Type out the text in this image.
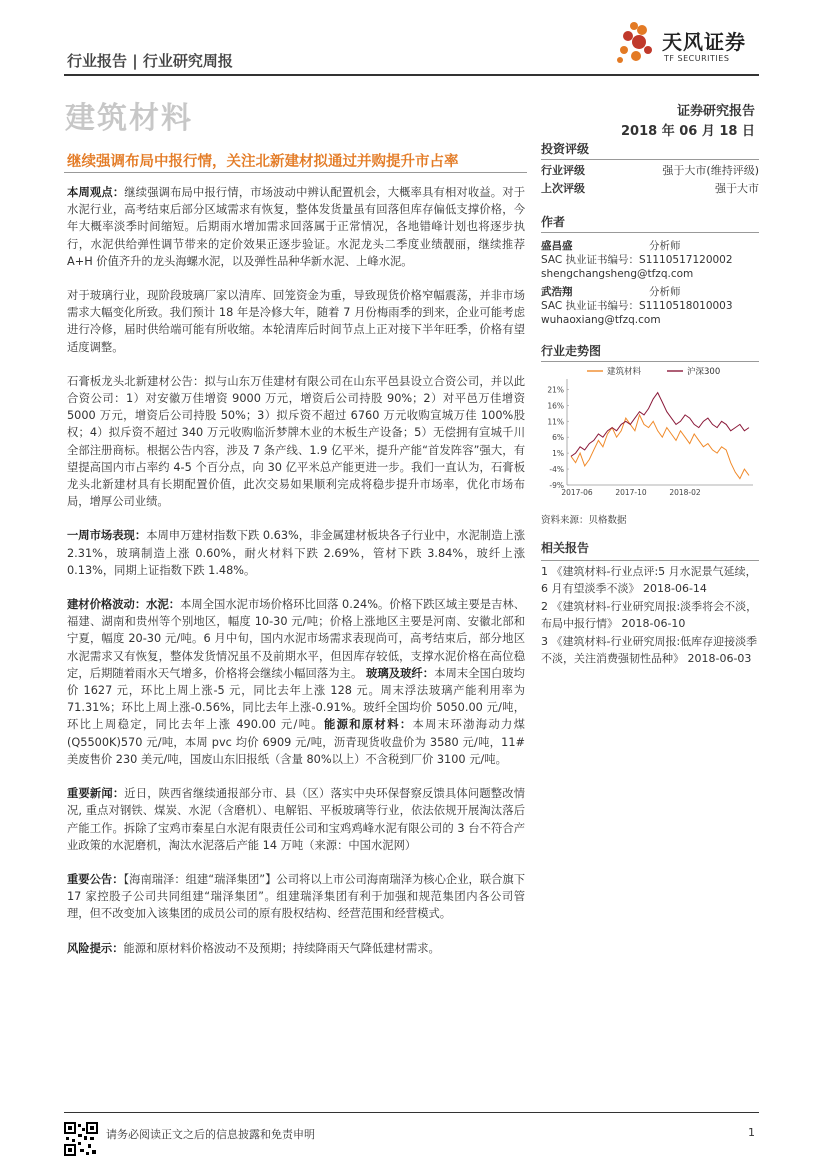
天风证券
TF SECURITIES
行业报告 | 行业研究周报
建筑材料	证券研究报告
2018 年 06 月 18 日
继续强调布局中报行情，关注北新建材拟通过并购提升市占率

本周观点：继续强调布局中报行情，市场波动中辨认配置机会，大概率具有相对收益。对于水泥行业，高考结束后部分区域需求有恢复，整体发货量虽有回落但库存偏低支撑价格，今年大概率淡季时间缩短。后期雨水增加需求回落属于正常情况，各地错峰计划也将逐步执行，水泥供给弹性调节带来的定价效果正逐步验证。水泥龙头二季度业绩靓丽，继续推荐 A+H 价值齐升的龙头海螺水泥，以及弹性品种华新水泥、上峰水泥。

对于玻璃行业，现阶段玻璃厂家以清库、回笼资金为重，导致现货价格窄幅震荡，并非市场需求大幅变化所致。我们预计 18 年是冷修大年，随着 7 月份梅雨季的到来，企业可能考虑进行冷修，届时供给端可能有所收缩。本轮清库后时间节点上正对接下半年旺季，价格有望适度调整。

石膏板龙头北新建材公告：拟与山东万佳建材有限公司在山东平邑县设立合资公司，并以此合资公司：1）对安徽万佳增资 9000 万元，增资后公司持股 90%；2）对平邑万佳增资 5000 万元，增资后公司持股 50%；3）拟斥资不超过 6760 万元收购宣城万佳 100%股权；4）拟斥资不超过 340 万元收购临沂梦牌木业的木板生产设备；5）无偿拥有宣城千川全部注册商标。根据公告内容，涉及 7 条产线、1.9 亿平米，提升产能“首发阵容”强大，有望提高国内市占率约 4-5 个百分点，向 30 亿平米总产能更进一步。我们一直认为，石膏板龙头北新建材具有长期配置价值，此次交易如果顺利完成将稳步提升市场率，优化市场布局，增厚公司业绩。

一周市场表现：本周申万建材指数下跌 0.63%，非金属建材板块各子行业中，水泥制造上涨 2.31%，玻璃制造上涨 0.60%，耐火材料下跌 2.69%，管材下跌 3.84%，玻纤上涨 0.13%，同期上证指数下跌 1.48%。

建材价格波动：水泥：本周全国水泥市场价格环比回落 0.24%。价格下跌区域主要是吉林、福建、湖南和贵州等个别地区，幅度 10-30 元/吨；价格上涨地区主要是河南、安徽北部和宁夏，幅度 20-30 元/吨。6 月中旬，国内水泥市场需求表现尚可，高考结束后，部分地区水泥需求又有恢复，整体发货情况虽不及前期水平，但因库存较低，支撑水泥价格在高位稳定，后期随着雨水天气增多，价格将会继续小幅回落为主。 玻璃及玻纤：本周末全国白玻均价 1627 元，环比上周上涨-5 元，同比去年上涨 128 元。周末浮法玻璃产能利用率为 71.31%；环比上周上涨-0.56%，同比去年上涨-0.91%。玻纤全国均价 5050.00 元/吨，环比上周稳定，同比去年上涨 490.00 元/吨。能源和原材料：本周末环渤海动力煤(Q5500K)570 元/吨，本周 pvc 均价 6909 元/吨，沥青现货收盘价为 3580 元/吨，11#美废售价 230 美元/吨，国废山东旧报纸（含量 80%以上）不含税到厂价 3100 元/吨。

重要新闻：近日，陕西省继续通报部分市、县（区）落实中央环保督察反馈具体问题整改情况, 重点对钢铁、煤炭、水泥（含磨机）、电解铝、平板玻璃等行业，依法依规开展淘汰落后产能工作。拆除了宝鸡市秦星白水泥有限责任公司和宝鸡鸡峰水泥有限公司的 3 台不符合产业政策的水泥磨机，淘汰水泥落后产能 14 万吨（来源：中国水泥网）

重要公告：【海南瑞泽：组建“瑞泽集团”】公司将以上市公司海南瑞泽为核心企业，联合旗下 17 家控股子公司共同组建“瑞泽集团”。组建瑞泽集团有利于加强和规范集团内各公司管理，但不改变加入该集团的成员公司的原有股权结构、经营范围和经营模式。

风险提示：能源和原材料价格波动不及预期；持续降雨天气降低建材需求。

投资评级
行业评级	强于大市(维持评级)
上次评级	强于大市
作者
盛昌盛	分析师
SAC 执业证书编号：S1110517120002
shengchangsheng@tfzq.com
武浩翔	分析师
SAC 执业证书编号：S1110518010003
wuhaoxiang@tfzq.com
行业走势图
21%
16%
11%
6%
1%
-4%
-9%
2017-06	2017-10	2018-02
建筑材料	沪深300
资料来源：贝格数据
相关报告
1 《建筑材料-行业点评:5 月水泥景气延续，6 月有望淡季不淡》 2018-06-14
2 《建筑材料-行业研究周报:淡季将会不淡，布局中报行情》 2018-06-10
3 《建筑材料-行业研究周报:低库存迎接淡季不淡，关注消费强韧性品种》 2018-06-03
请务必阅读正文之后的信息披露和免责申明	1
